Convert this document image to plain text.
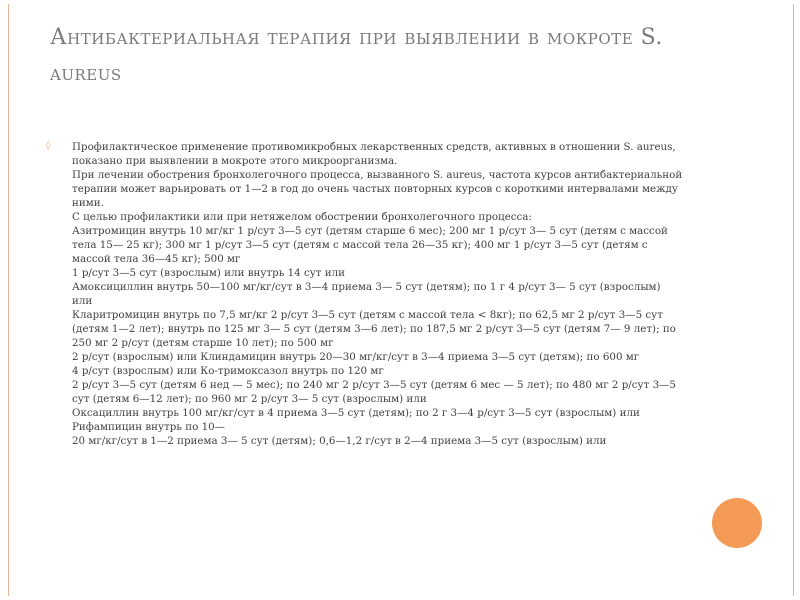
Антибактериальная терапия при выявлении в мокроте S. aureus
◊	Профилактическое применение противомикробных лекарственных средств, активных в отношении S. aureus, показано при выявлении в мокроте этого микроорганизма.

При лечении обострения бронхолегочного процесса, вызванного S. aureus, частота курсов антибактериальной терапии может варьировать от 1—2 в год до очень частых повторных курсов с короткими интервалами между ними.

С целью профилактики или при нетяжелом обострении бронхолегочного процесса:

Азитромицин внутрь 10 мг/кг 1 р/сут 3—5 сут (детям старше 6 мес); 200 мг 1 р/сут 3— 5 сут (детям с массой тела 15— 25 кг); 300 мг 1 р/сут 3—5 сут (детям с массой тела 26—35 кг); 400 мг 1 р/сут 3—5 сут (детям с массой тела 36—45 кг); 500 мг

1 р/сут 3—5 сут (взрослым) или внутрь 14 сут или

Амоксициллин внутрь 50—100 мг/кг/сут в 3—4 приема 3— 5 сут (детям); по 1 г 4 р/сут 3— 5 сут (взрослым) или

Кларитромицин внутрь по 7,5 мг/кг 2 р/сут 3—5 сут (детям с массой тела < 8кг); по 62,5 мг 2 р/сут 3—5 сут (детям 1—2 лет); внутрь по 125 мг 3— 5 сут (детям 3—6 лет); по 187,5 мг 2 р/сут 3—5 сут (детям 7— 9 лет); по 250 мг 2 р/сут (детям старше 10 лет); по 500 мг

2 р/сут (взрослым) или Клиндамицин внутрь 20—30 мг/кг/сут в 3—4 приема 3—5 сут (детям); по 600 мг

4 р/сут (взрослым) или Ко-тримоксазол внутрь по 120 мг

2 р/сут 3—5 сут (детям 6 нед — 5 мес); по 240 мг 2 р/сут 3—5 сут (детям 6 мес — 5 лет); по 480 мг 2 р/сут 3—5 сут (детям 6—12 лет); по 960 мг 2 р/сут 3— 5 сут (взрослым) или

Оксациллин внутрь 100 мг/кг/сут в 4 приема 3—5 сут (детям); по 2 г 3—4 р/сут 3—5 сут (взрослым) или

Рифампицин внутрь по 10—

20 мг/кг/сут в 1—2 приема 3— 5 сут (детям); 0,6—1,2 г/сут в 2—4 приема 3—5 сут (взрослым) или
